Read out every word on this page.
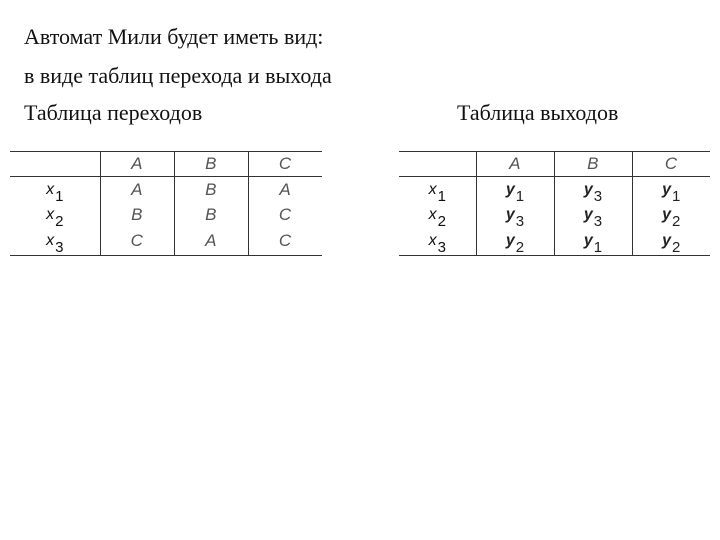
Автомат Мили будет иметь вид:
в виде таблиц перехода и выхода
Таблица переходов	Таблица выходов
	A	B	C
x1	A	B	A
x2	B	B	C
x3	C	A	C
	A	B	C
x1	y1	y3	y1
x2	y3	y3	y2
x3	y2	y1	y2
